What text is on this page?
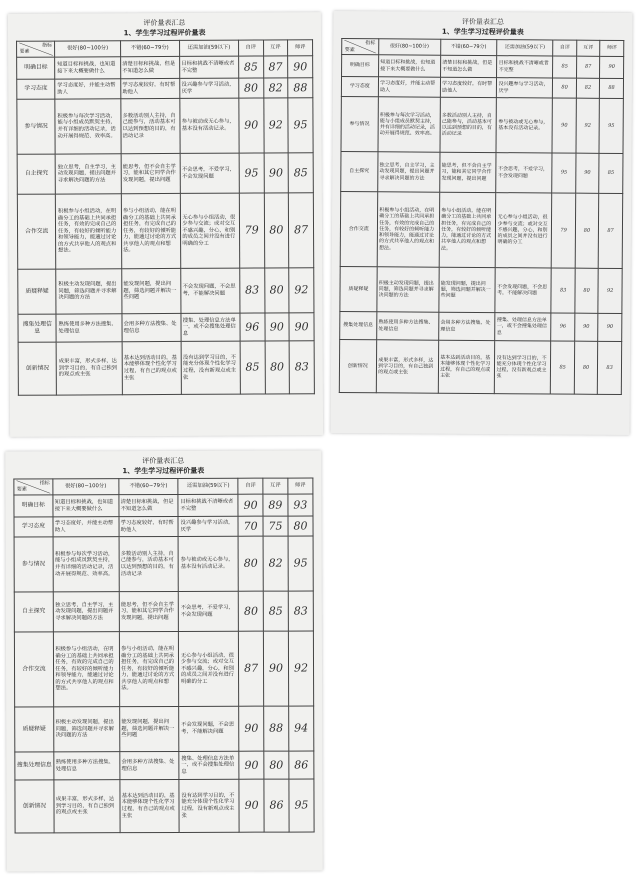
评价量表汇总
1、学生学习过程评价量表
指标
要素	很好(80~100分)	不错(60~79分)	还需加油(59以下)	自评	互评	师评
明确目标	知道目标和挑战，也知道接下来大概要做什么	清楚目标和挑战，但是不知道怎么做	目标和挑战不清晰或者不完整	85	87	90
学习态度	学习态度好，并能主动帮助人	学习态度较好，有时帮助他人	没兴趣参与学习活动，厌学	80	82	88
参与情况	积极参与每次学习活动，能与小组成员默契主持，并有详细的活动记录，活动开展得规范、效率高。	多数活动别人主持，自己能参与，活动基本可以达到预想的目的，有活动记录	参与被动或无心参与，基本没有活动记录。	90	92	95
自主探究	独立思考，自主学习，主动发现问题，提出问题并寻求解决问题的方法	能思考，但不会自主学习，能和其它同学合作发现问题，提出问题	不会思考，不爱学习，不会发现问题	95	90	85
合作交流	积极参与小组活动，在明确分工的基础上共同承担任务，有效的完成自己的任务，有较好的倾听能力和领导能力，能通过讨论的方式共享他人的观点和想法。	参与小组活动，能在明确分工的基础上共同承担任务，有完成自己的任务，有较好的倾听能力，能通过讨论的方式共享他人的观点和想法。	无心参与小组活动，很少参与交流；或对交互不感兴趣，分心，和别的成员之间并没有进行明确的分工	79	80	87
质疑释疑	积极主动发现问题，提出问题，筛选问题并寻求解决问题的方法	能发现问题，提出问题，筛选问题并解决一些问题	不会发现问题，不会思考，不能解决问题	83	80	92
搜集处理信息	熟练使用多种方法搜集、处理信息	会用多种方法搜集、处理信息	搜集、处理信息方法单一，或不会搜集处理信息	96	90	90
创新情况	成果丰富，形式多样，达到学习目的，有自己独到的观点或主张	基本达到活动目的，基本能够体现个性化学习过程，有自己的观点或主张	没有达到学习目的，不能充分体现个性化学习过程，没有新观点或主张	85	80	83
评价量表汇总
1、学生学习过程评价量表
指标
要素	很好(80~100分)	不错(60~79分)	还需加油(59以下)	自评	互评	师评
明确目标	知道目标和挑战，也知道接下来大概要做什么	清楚目标和挑战，但是不知道怎么做	目标和挑战不清晰或者不完整	85	87	90
学习态度	学习态度好，并能主动帮助人	学习态度较好，有时帮助他人	没兴趣参与学习活动，厌学	80	82	88
参与情况	积极参与每次学习活动，能与小组成员默契主持，并有详细的活动记录，活动开展得规范、效率高。	多数活动别人主持，自己能参与，活动基本可以达到预想的目的，有活动记录	参与被动或无心参与，基本没有活动记录。	90	92	95
自主探究	独立思考，自主学习，主动发现问题，提出问题并寻求解决问题的方法	能思考，但不会自主学习，能和其它同学合作发现问题，提出问题	不会思考，不爱学习，不会发现问题	95	90	85
合作交流	积极参与小组活动，在明确分工的基础上共同承担任务，有效的完成自己的任务，有较好的倾听能力和领导能力，能通过讨论的方式共享他人的观点和想法。	参与小组活动，能在明确分工的基础上共同承担任务，有完成自己的任务，有较好的倾听能力，能通过讨论的方式共享他人的观点和想法。	无心参与小组活动，很少参与交流；或对交互不感兴趣，分心，和别的成员之间并没有进行明确的分工	79	80	87
质疑释疑	积极主动发现问题，提出问题，筛选问题并寻求解决问题的方法	能发现问题，提出问题，筛选问题并解决一些问题	不会发现问题，不会思考，不能解决问题	83	80	92
搜集处理信息	熟练使用多种方法搜集、处理信息	会用多种方法搜集、处理信息	搜集、处理信息方法单一，或不会搜集处理信息	96	90	90
创新情况	成果丰富，形式多样，达到学习目的，有自己独到的观点或主张	基本达到活动目的，基本能够体现个性化学习过程，有自己的观点或主张	没有达到学习目的，不能充分体现个性化学习过程，没有新观点或主张	85	80	83
评价量表汇总
1、学生学习过程评价量表
指标
要素	很好(80~100分)	不错(60~79分)	还需加油(59以下)	自评	互评	师评
明确目标	知道目标和挑战，也知道接下来大概要做什么	清楚目标和挑战，但是不知道怎么做	目标和挑战不清晰或者不完整	90	89	93
学习态度	学习态度好，并能主动帮助人	学习态度较好，有时帮助他人	没兴趣参与学习活动，厌学	70	75	80
参与情况	积极参与每次学习活动，能与小组成员默契主持，并有详细的活动记录，活动开展得规范、效率高。	多数活动别人主持，自己能参与，活动基本可以达到预想的目的，有活动记录	参与被动或无心参与，基本没有活动记录。	80	82	95
自主探究	独立思考，自主学习，主动发现问题，提出问题并寻求解决问题的方法	能思考，但不会自主学习，能和其它同学合作发现问题，提出问题	不会思考，不爱学习，不会发现问题	80	85	83
合作交流	积极参与小组活动，在明确分工的基础上共同承担任务，有效的完成自己的任务，有较好的倾听能力和领导能力，能通过讨论的方式共享他人的观点和想法。	参与小组活动，能在明确分工的基础上共同承担任务，有完成自己的任务，有较好的倾听能力，能通过讨论的方式共享他人的观点和想法。	无心参与小组活动，很少参与交流；或对交互不感兴趣，分心，和别的成员之间并没有进行明确的分工	87	90	92
质疑释疑	积极主动发现问题，提出问题，筛选问题并寻求解决问题的方法	能发现问题，提出问题，筛选问题并解决一些问题	不会发现问题，不会思考，不能解决问题	90	88	94
搜集处理信息	熟练使用多种方法搜集、处理信息	会用多种方法搜集、处理信息	搜集、处理信息方法单一，或不会搜集处理信息	90	80	86
创新情况	成果丰富，形式多样，达到学习目的，有自己独到的观点或主张	基本达到活动目的，基本能够体现个性化学习过程，有自己的观点或主张	没有达到学习目的，不能充分体现个性化学习过程，没有新观点或主张	90	86	95
